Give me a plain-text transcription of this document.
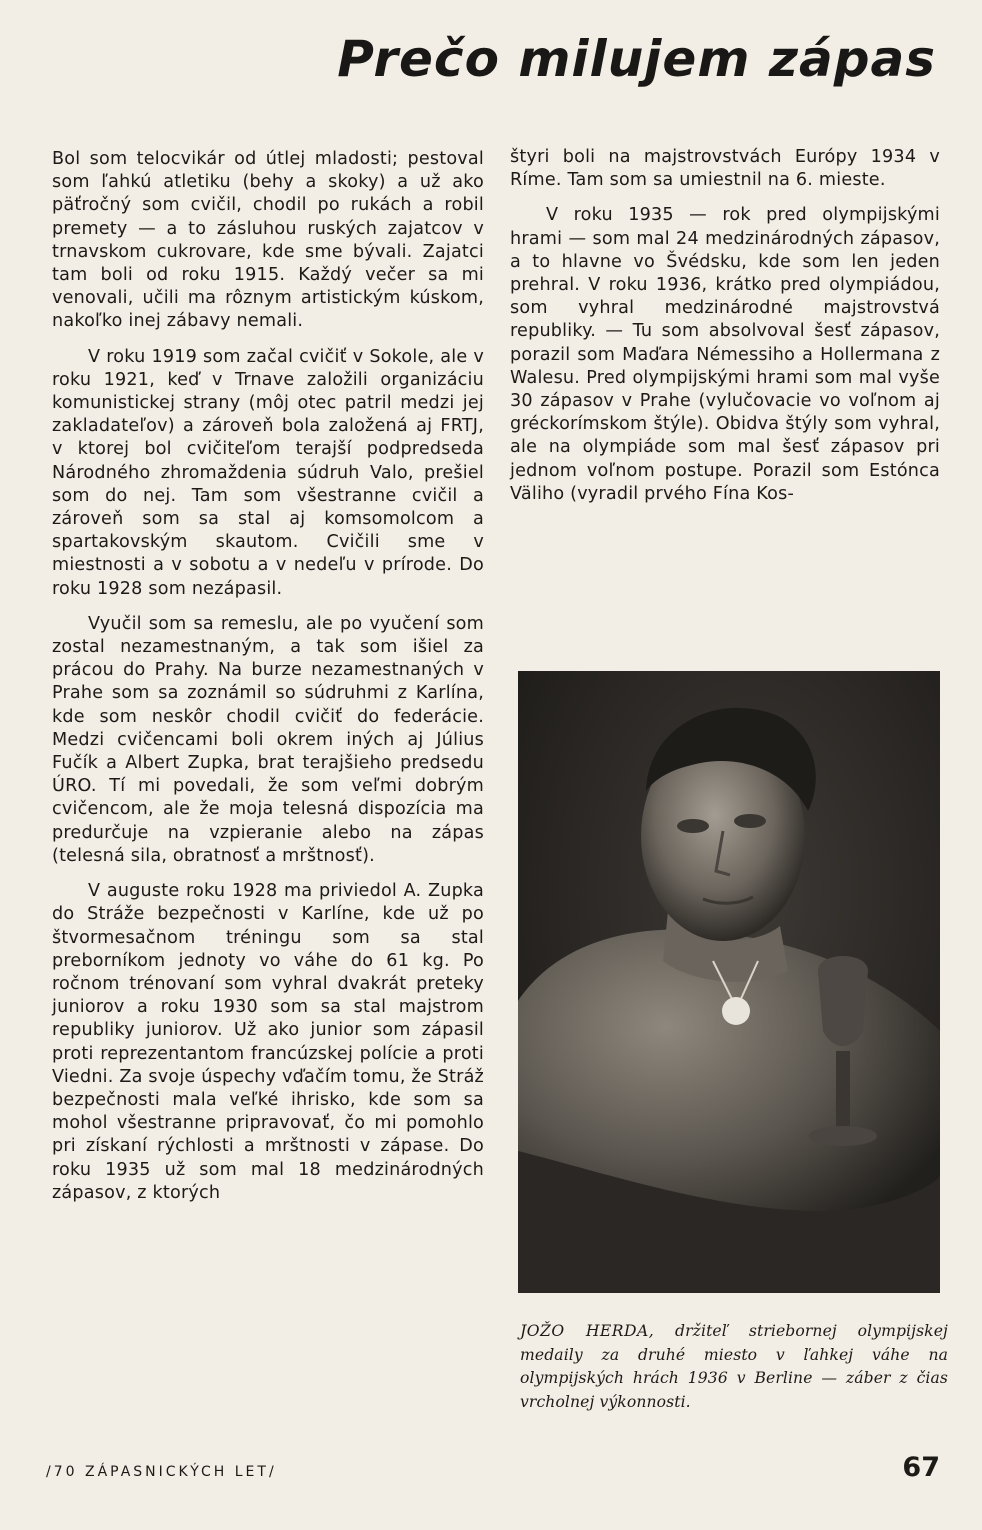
Prečo milujem zápas

Bol som telocvikár od útlej mladosti; pestoval som ľahkú atletiku (behy a skoky) a už ako päťročný som cvičil, chodil po rukách a robil premety — a to zásluhou ruských zajatcov v trnavskom cukrovare, kde sme bývali. Zajatci tam boli od roku 1915. Každý večer sa mi venovali, učili ma rôznym artistickým kúskom, nakoľko inej zábavy nemali.

V roku 1919 som začal cvičiť v Sokole, ale v roku 1921, keď v Trnave založili organizáciu komunistickej strany (môj otec patril medzi jej zakladateľov) a zároveň bola založená aj FRTJ, v ktorej bol cvičiteľom terajší podpredseda Národného zhromaždenia súdruh Valo, prešiel som do nej. Tam som všestranne cvičil a zároveň som sa stal aj komsomolcom a spartakovským skautom. Cvičili sme v miestnosti a v sobotu a v nedeľu v prírode. Do roku 1928 som nezápasil.

Vyučil som sa remeslu, ale po vyučení som zostal nezamestnaným, a tak som išiel za prácou do Prahy. Na burze nezamestnaných v Prahe som sa zoznámil so súdruhmi z Karlína, kde som neskôr chodil cvičiť do federácie. Medzi cvičencami boli okrem iných aj Július Fučík a Albert Zupka, brat terajšieho predsedu ÚRO. Tí mi povedali, že som veľmi dobrým cvičencom, ale že moja telesná dispozícia ma predurčuje na vzpieranie alebo na zápas (telesná sila, obratnosť a mrštnosť).

V auguste roku 1928 ma priviedol A. Zupka do Stráže bezpečnosti v Karlíne, kde už po štvormesačnom tréningu som sa stal preborníkom jednoty vo váhe do 61 kg. Po ročnom trénovaní som vyhral dvakrát preteky juniorov a roku 1930 som sa stal majstrom republiky juniorov. Už ako junior som zápasil proti reprezentantom francúzskej polície a proti Viedni. Za svoje úspechy vďačím tomu, že Stráž bezpečnosti mala veľké ihrisko, kde som sa mohol všestranne pripravovať, čo mi pomohlo pri získaní rýchlosti a mrštnosti v zápase. Do roku 1935 už som mal 18 medzinárodných zápasov, z ktorých

štyri boli na majstrovstvách Európy 1934 v Ríme. Tam som sa umiestnil na 6. mieste.

V roku 1935 — rok pred olympijskými hrami — som mal 24 medzinárodných zápasov, a to hlavne vo Švédsku, kde som len jeden prehral. V roku 1936, krátko pred olympiádou, som vyhral medzinárodné majstrovstvá republiky. — Tu som absolvoval šesť zápasov, porazil som Maďara Némessiho a Hollermana z Walesu. Pred olympijskými hrami som mal vyše 30 zápasov v Prahe (vylučovacie vo voľnom aj gréckorímskom štýle). Obidva štýly som vyhral, ale na olympiáde som mal šesť zápasov pri jednom voľnom postupe. Porazil som Estónca Väliho (vyradil prvého Fína Kos-

JOŽO HERDA, držiteľ striebornej olympijskej medaily za druhé miesto v ľahkej váhe na olympijských hrách 1936 v Berline — záber z čias vrcholnej výkonnosti.
/70 ZÁPASNICKÝCH LET/	67
